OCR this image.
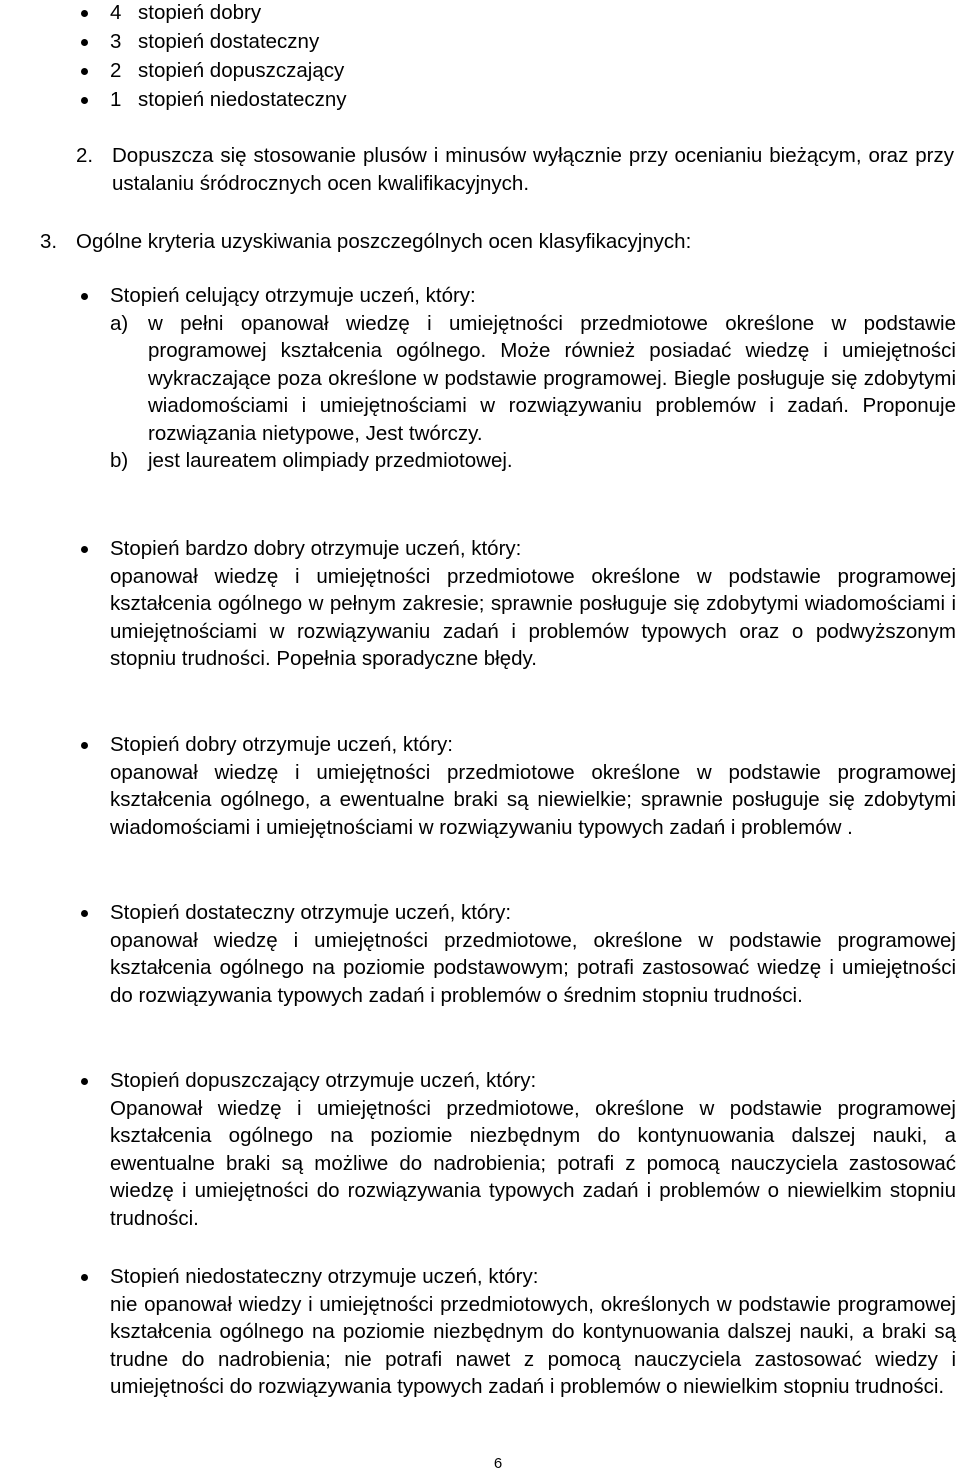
4 stopień dobry
3 stopień dostateczny
2 stopień dopuszczający
1 stopień niedostateczny
2. Dopuszcza się stosowanie plusów i minusów wyłącznie przy ocenianiu bieżącym, oraz przy ustalaniu śródrocznych ocen kwalifikacyjnych.
3. Ogólne kryteria uzyskiwania poszczególnych ocen klasyfikacyjnych:
Stopień celujący otrzymuje uczeń, który:
a) w pełni opanował wiedzę i umiejętności przedmiotowe określone w podstawie programowej kształcenia ogólnego. Może również posiadać wiedzę i umiejętności wykraczające poza określone w podstawie programowej. Biegle posługuje się zdobytymi wiadomościami i umiejętnościami w rozwiązywaniu problemów i zadań. Proponuje rozwiązania nietypowe, Jest twórczy.
b) jest laureatem olimpiady przedmiotowej.
Stopień bardzo dobry otrzymuje uczeń, który:
opanował wiedzę i umiejętności przedmiotowe określone w podstawie programowej kształcenia ogólnego w pełnym zakresie; sprawnie posługuje się zdobytymi wiadomościami i umiejętnościami w rozwiązywaniu zadań i problemów typowych oraz o podwyższonym stopniu trudności. Popełnia sporadyczne błędy.
Stopień dobry otrzymuje uczeń, który:
opanował wiedzę i umiejętności przedmiotowe określone w podstawie programowej kształcenia ogólnego, a ewentualne braki są niewielkie; sprawnie posługuje się zdobytymi wiadomościami i umiejętnościami w rozwiązywaniu typowych zadań i problemów .
Stopień dostateczny otrzymuje uczeń, który:
opanował wiedzę i umiejętności przedmiotowe, określone w podstawie programowej kształcenia ogólnego na poziomie podstawowym; potrafi zastosować wiedzę i umiejętności do rozwiązywania typowych zadań i problemów o średnim stopniu trudności.
Stopień dopuszczający otrzymuje uczeń, który:
Opanował wiedzę i umiejętności przedmiotowe, określone w podstawie programowej kształcenia ogólnego na poziomie niezbędnym do kontynuowania dalszej nauki, a ewentualne braki są możliwe do nadrobienia; potrafi z pomocą nauczyciela zastosować wiedzę i umiejętności do rozwiązywania typowych zadań i problemów o niewielkim stopniu trudności.
Stopień niedostateczny otrzymuje uczeń, który:
nie opanował wiedzy i umiejętności przedmiotowych, określonych w podstawie programowej kształcenia ogólnego na poziomie niezbędnym do kontynuowania dalszej nauki, a braki są trudne do nadrobienia; nie potrafi nawet z pomocą nauczyciela zastosować wiedzy i umiejętności do rozwiązywania typowych zadań i problemów o niewielkim stopniu trudności.
6
